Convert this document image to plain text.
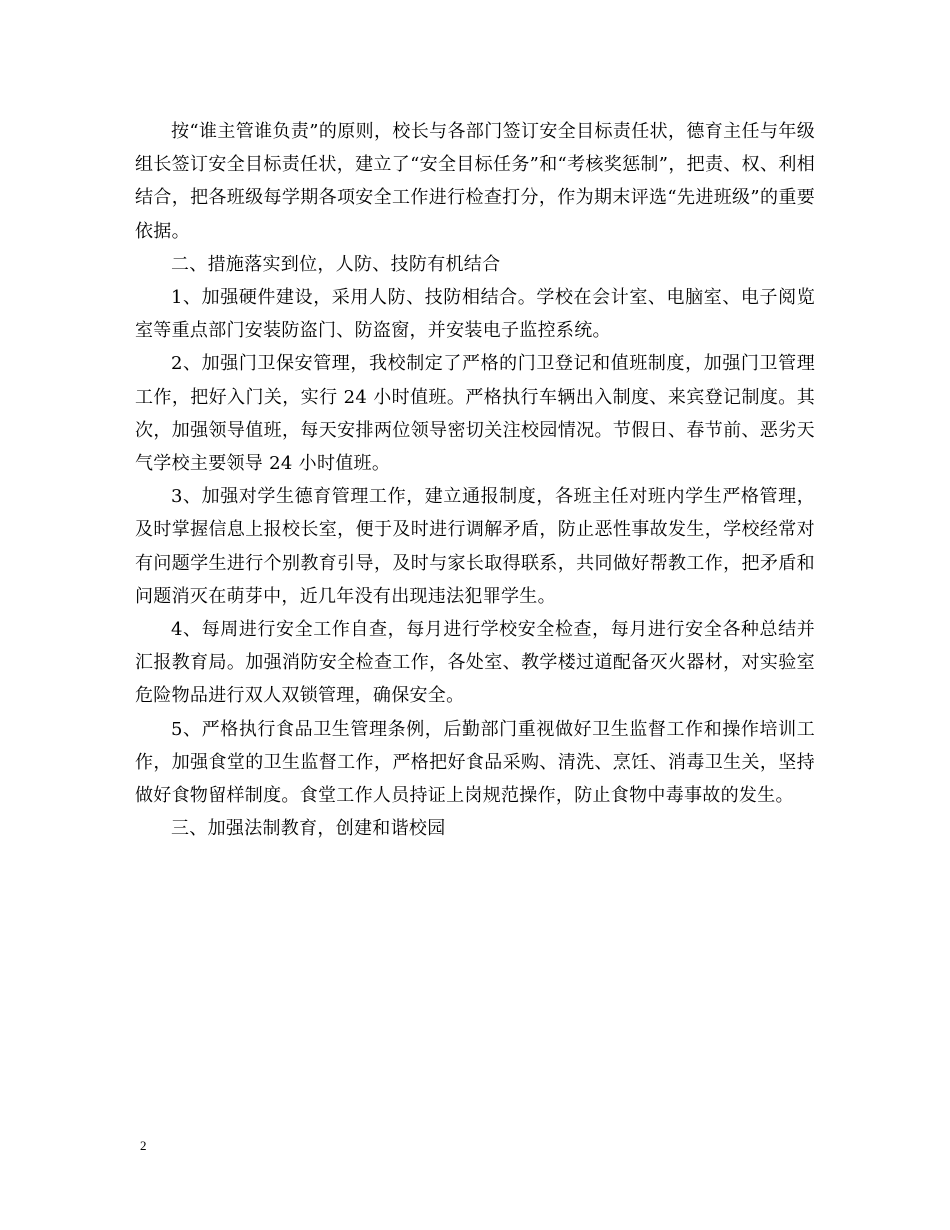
按“谁主管谁负责”的原则，校长与各部门签订安全目标责任状，德育主任与年级组长签订安全目标责任状，建立了“安全目标任务”和“考核奖惩制”，把责、权、利相结合，把各班级每学期各项安全工作进行检查打分，作为期末评选“先进班级”的重要依据。

二、措施落实到位，人防、技防有机结合

1、加强硬件建设，采用人防、技防相结合。学校在会计室、电脑室、电子阅览室等重点部门安装防盗门、防盗窗，并安装电子监控系统。

2、加强门卫保安管理，我校制定了严格的门卫登记和值班制度，加强门卫管理工作，把好入门关，实行 24 小时值班。严格执行车辆出入制度、来宾登记制度。其次，加强领导值班，每天安排两位领导密切关注校园情况。节假日、春节前、恶劣天气学校主要领导 24 小时值班。

3、加强对学生德育管理工作，建立通报制度，各班主任对班内学生严格管理，及时掌握信息上报校长室，便于及时进行调解矛盾，防止恶性事故发生，学校经常对有问题学生进行个别教育引导，及时与家长取得联系，共同做好帮教工作，把矛盾和问题消灭在萌芽中，近几年没有出现违法犯罪学生。

4、每周进行安全工作自查，每月进行学校安全检查，每月进行安全各种总结并汇报教育局。加强消防安全检查工作，各处室、教学楼过道配备灭火器材，对实验室危险物品进行双人双锁管理，确保安全。

5、严格执行食品卫生管理条例，后勤部门重视做好卫生监督工作和操作培训工作，加强食堂的卫生监督工作，严格把好食品采购、清洗、烹饪、消毒卫生关，坚持做好食物留样制度。食堂工作人员持证上岗规范操作，防止食物中毒事故的发生。

三、加强法制教育，创建和谐校园

2
